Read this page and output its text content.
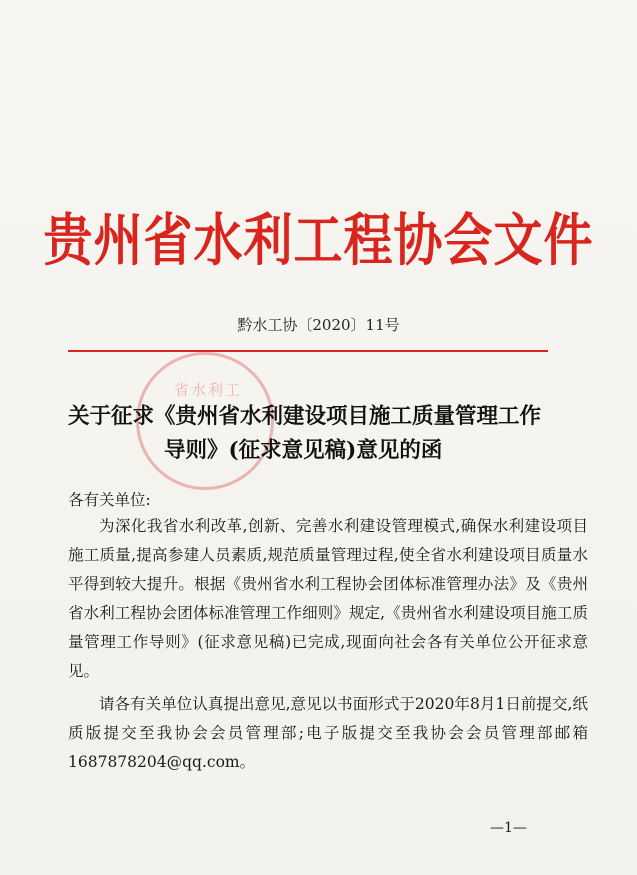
省水利工
贵州省水利工程协会文件
黔水工协〔2020〕11号
关于征求《贵州省水利建设项目施工质量管理工作
导则》(征求意见稿)意见的函
各有关单位:
为深化我省水利改革,创新、完善水利建设管理模式,确保水利建设项目施工质量,提高参建人员素质,规范质量管理过程,使全省水利建设项目质量水平得到较大提升。根据《贵州省水利工程协会团体标准管理办法》及《贵州省水利工程协会团体标准管理工作细则》规定,《贵州省水利建设项目施工质量管理工作导则》(征求意见稿)已完成,现面向社会各有关单位公开征求意见。
请各有关单位认真提出意见,意见以书面形式于2020年8月1日前提交,纸质版提交至我协会会员管理部;电子版提交至我协会会员管理部邮箱1687878204@qq.com。
—1—
